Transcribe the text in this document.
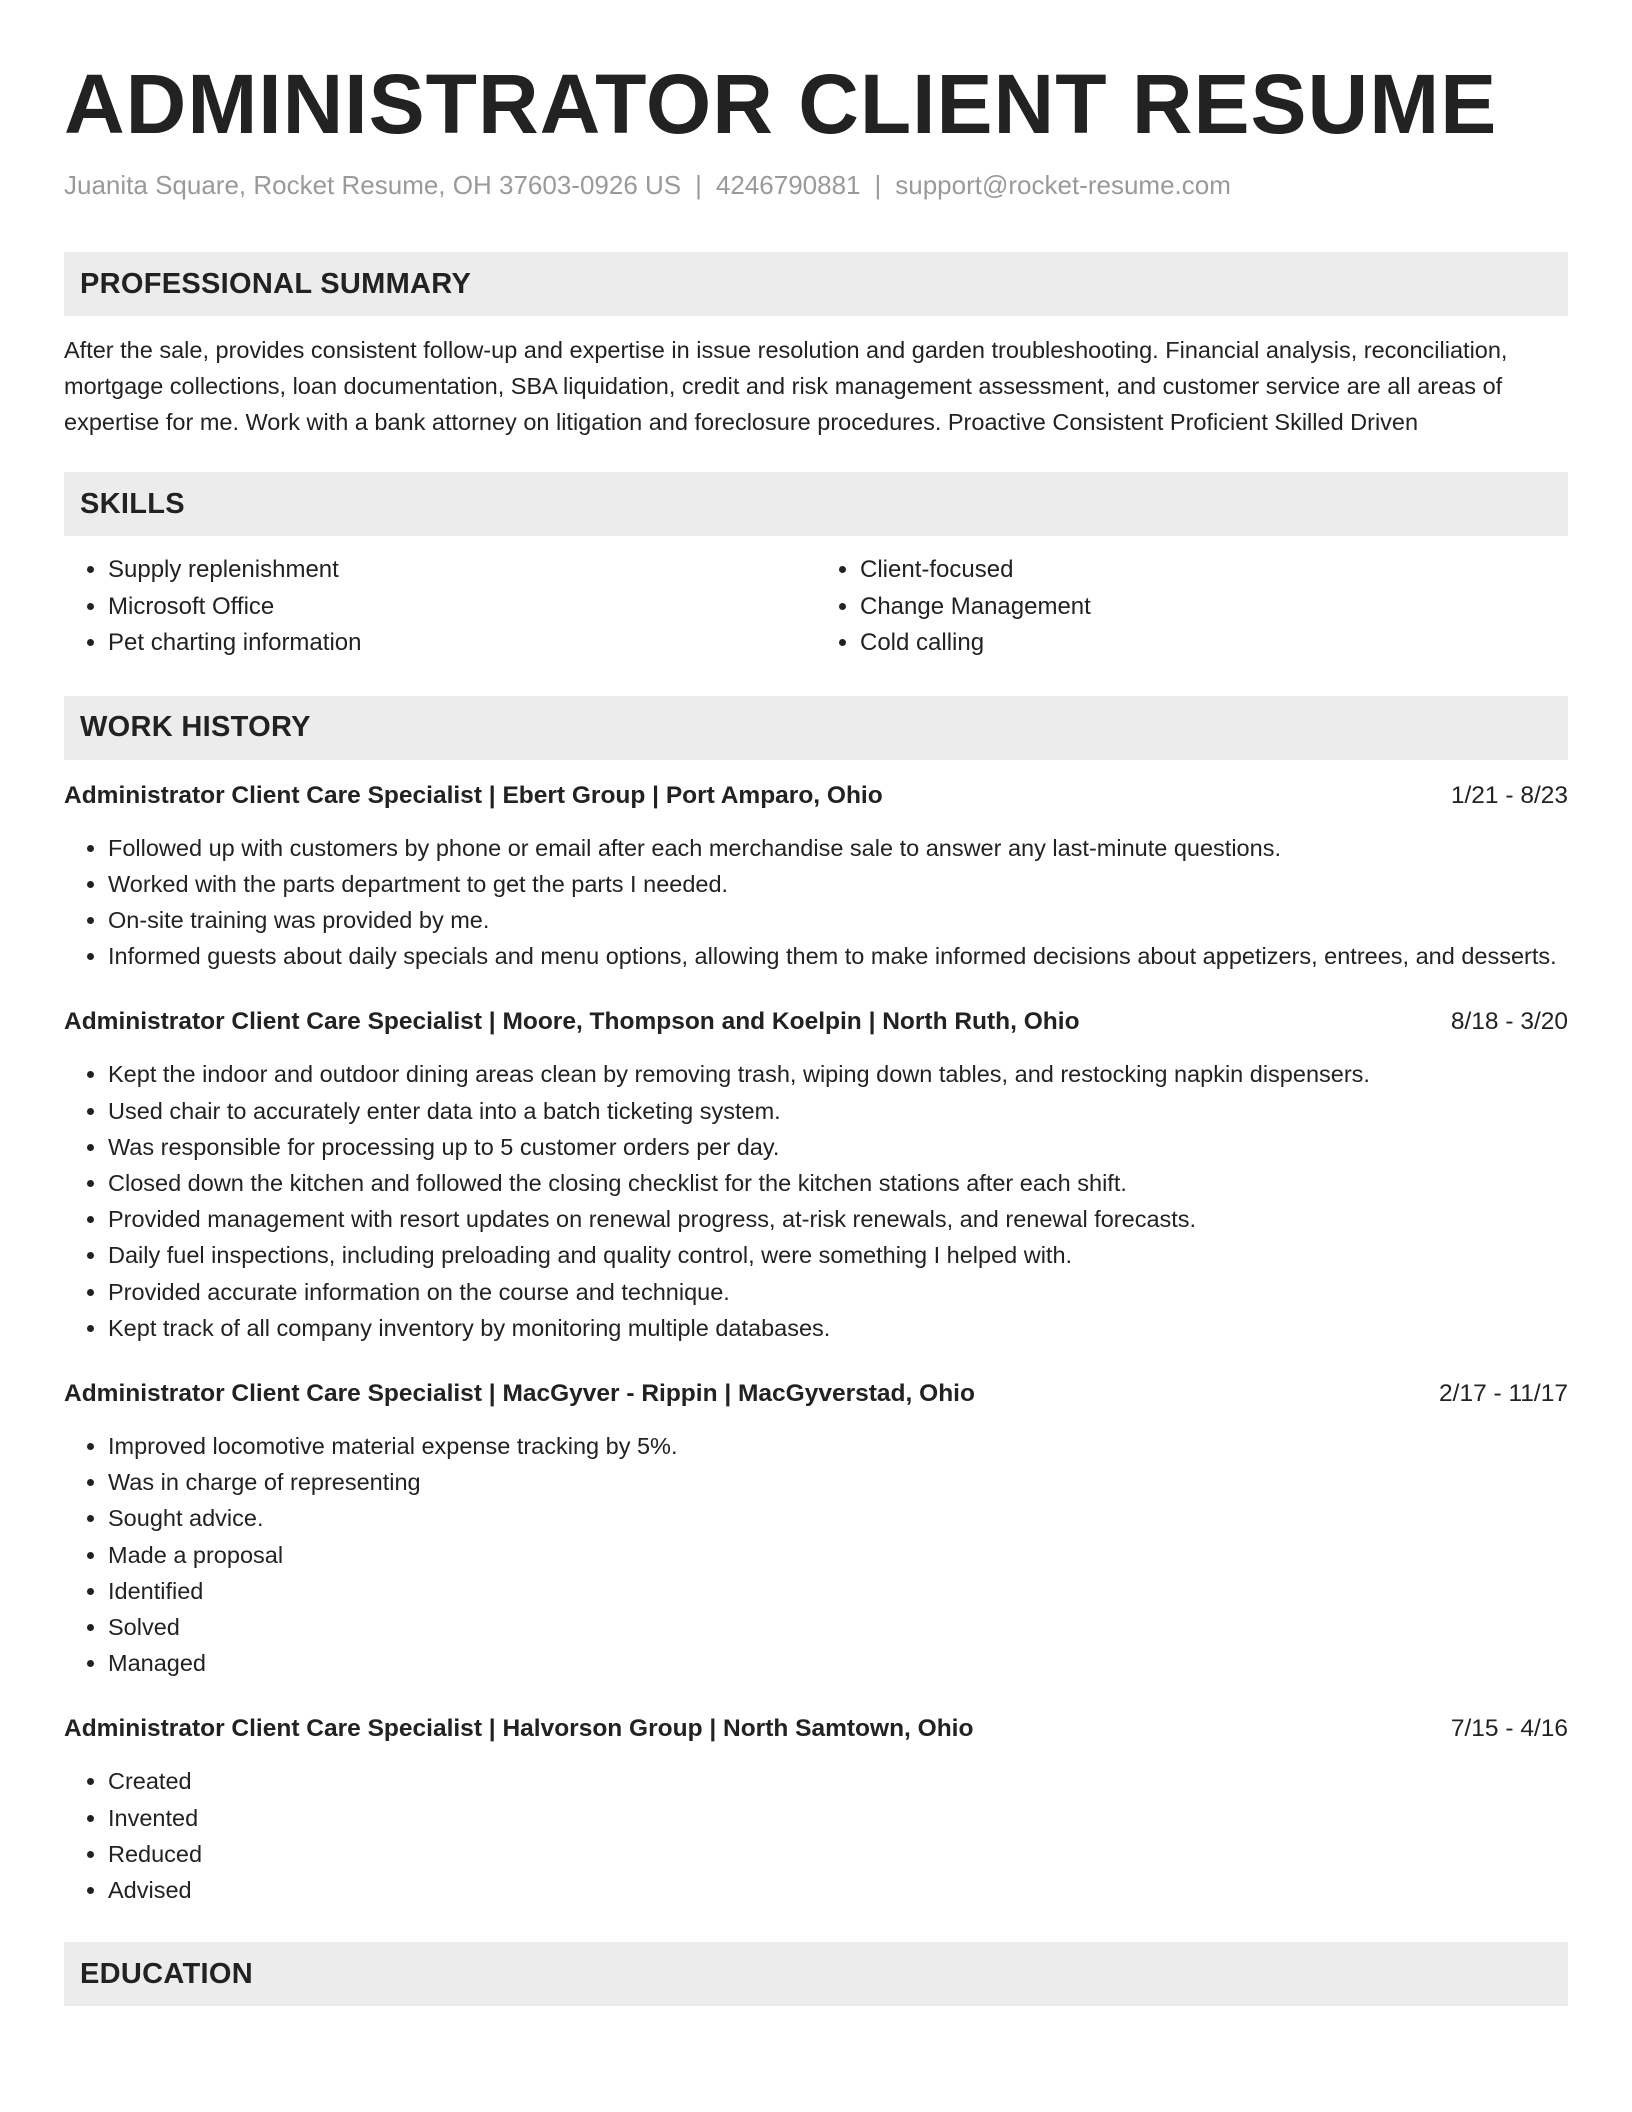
ADMINISTRATOR CLIENT RESUME
Juanita Square, Rocket Resume, OH 37603-0926 US | 4246790881 | support@rocket-resume.com
PROFESSIONAL SUMMARY

After the sale, provides consistent follow-up and expertise in issue resolution and garden troubleshooting. Financial analysis, reconciliation, mortgage collections, loan documentation, SBA liquidation, credit and risk management assessment, and customer service are all areas of expertise for me. Work with a bank attorney on litigation and foreclosure procedures. Proactive Consistent Proficient Skilled Driven

SKILLS
• Supply replenishment
• Microsoft Office
• Pet charting information
• Client-focused
• Change Management
• Cold calling
WORK HISTORY
Administrator Client Care Specialist | Ebert Group | Port Amparo, Ohio	1/21 - 8/23
• Followed up with customers by phone or email after each merchandise sale to answer any last-minute questions.
• Worked with the parts department to get the parts I needed.
• On-site training was provided by me.
• Informed guests about daily specials and menu options, allowing them to make informed decisions about appetizers, entrees, and desserts.
Administrator Client Care Specialist | Moore, Thompson and Koelpin | North Ruth, Ohio	8/18 - 3/20
• Kept the indoor and outdoor dining areas clean by removing trash, wiping down tables, and restocking napkin dispensers.
• Used chair to accurately enter data into a batch ticketing system.
• Was responsible for processing up to 5 customer orders per day.
• Closed down the kitchen and followed the closing checklist for the kitchen stations after each shift.
• Provided management with resort updates on renewal progress, at-risk renewals, and renewal forecasts.
• Daily fuel inspections, including preloading and quality control, were something I helped with.
• Provided accurate information on the course and technique.
• Kept track of all company inventory by monitoring multiple databases.
Administrator Client Care Specialist | MacGyver - Rippin | MacGyverstad, Ohio	2/17 - 11/17
• Improved locomotive material expense tracking by 5%.
• Was in charge of representing
• Sought advice.
• Made a proposal
• Identified
• Solved
• Managed
Administrator Client Care Specialist | Halvorson Group | North Samtown, Ohio	7/15 - 4/16
• Created
• Invented
• Reduced
• Advised
EDUCATION
